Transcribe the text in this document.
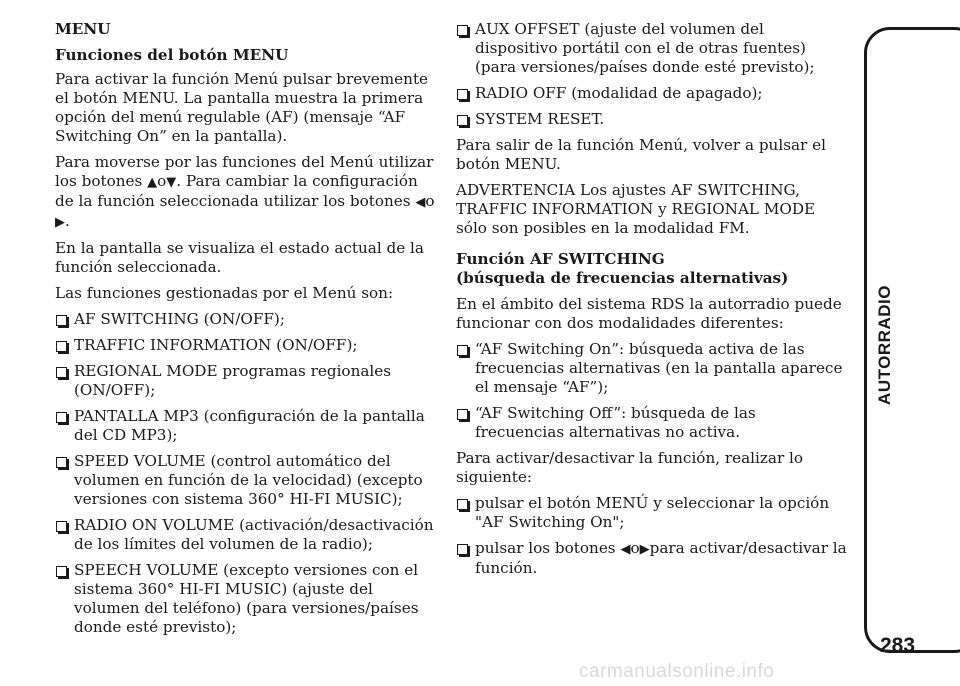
AUTORRADIO

MENU

Funciones del botón MENU

Para activar la función Menú pulsar brevemente el botón MENU. La pantalla muestra la primera opción del menú regulable (AF) (mensaje “AF Switching On” en la pantalla).

Para moverse por las funciones del Menú utilizar los botones ▲o▼. Para cambiar la configuración de la función seleccionada utilizar los botones ◀o
▶.

En la pantalla se visualiza el estado actual de la función seleccionada.

Las funciones gestionadas por el Menú son:

AF SWITCHING (ON/OFF);
TRAFFIC INFORMATION (ON/OFF);
REGIONAL MODE programas regionales (ON/OFF);
PANTALLA MP3 (configuración de la pantalla del CD MP3);
SPEED VOLUME (control automático del volumen en función de la velocidad) (excepto versiones con sistema 360° HI-FI MUSIC);
RADIO ON VOLUME (activación/desactivación de los límites del volumen de la radio);
SPEECH VOLUME (excepto versiones con el sistema 360° HI-FI MUSIC) (ajuste del volumen del teléfono) (para versiones/países donde esté previsto);
AUX OFFSET (ajuste del volumen del dispositivo portátil con el de otras fuentes) (para versiones/países donde esté previsto);
RADIO OFF (modalidad de apagado);
SYSTEM RESET.

Para salir de la función Menú, volver a pulsar el botón MENU.

ADVERTENCIA Los ajustes AF SWITCHING, TRAFFIC INFORMATION y REGIONAL MODE sólo son posibles en la modalidad FM.

Función AF SWITCHING
(búsqueda de frecuencias alternativas)

En el ámbito del sistema RDS la autorradio puede funcionar con dos modalidades diferentes:

“AF Switching On”: búsqueda activa de las frecuencias alternativas (en la pantalla aparece el mensaje “AF”);
“AF Switching Off”: búsqueda de las frecuencias alternativas no activa.

Para activar/desactivar la función, realizar lo siguiente:

pulsar el botón MENÚ y seleccionar la opción "AF Switching On";
pulsar los botones ◀o▶para activar/desactivar la función.
283
carmanualsonline.info
